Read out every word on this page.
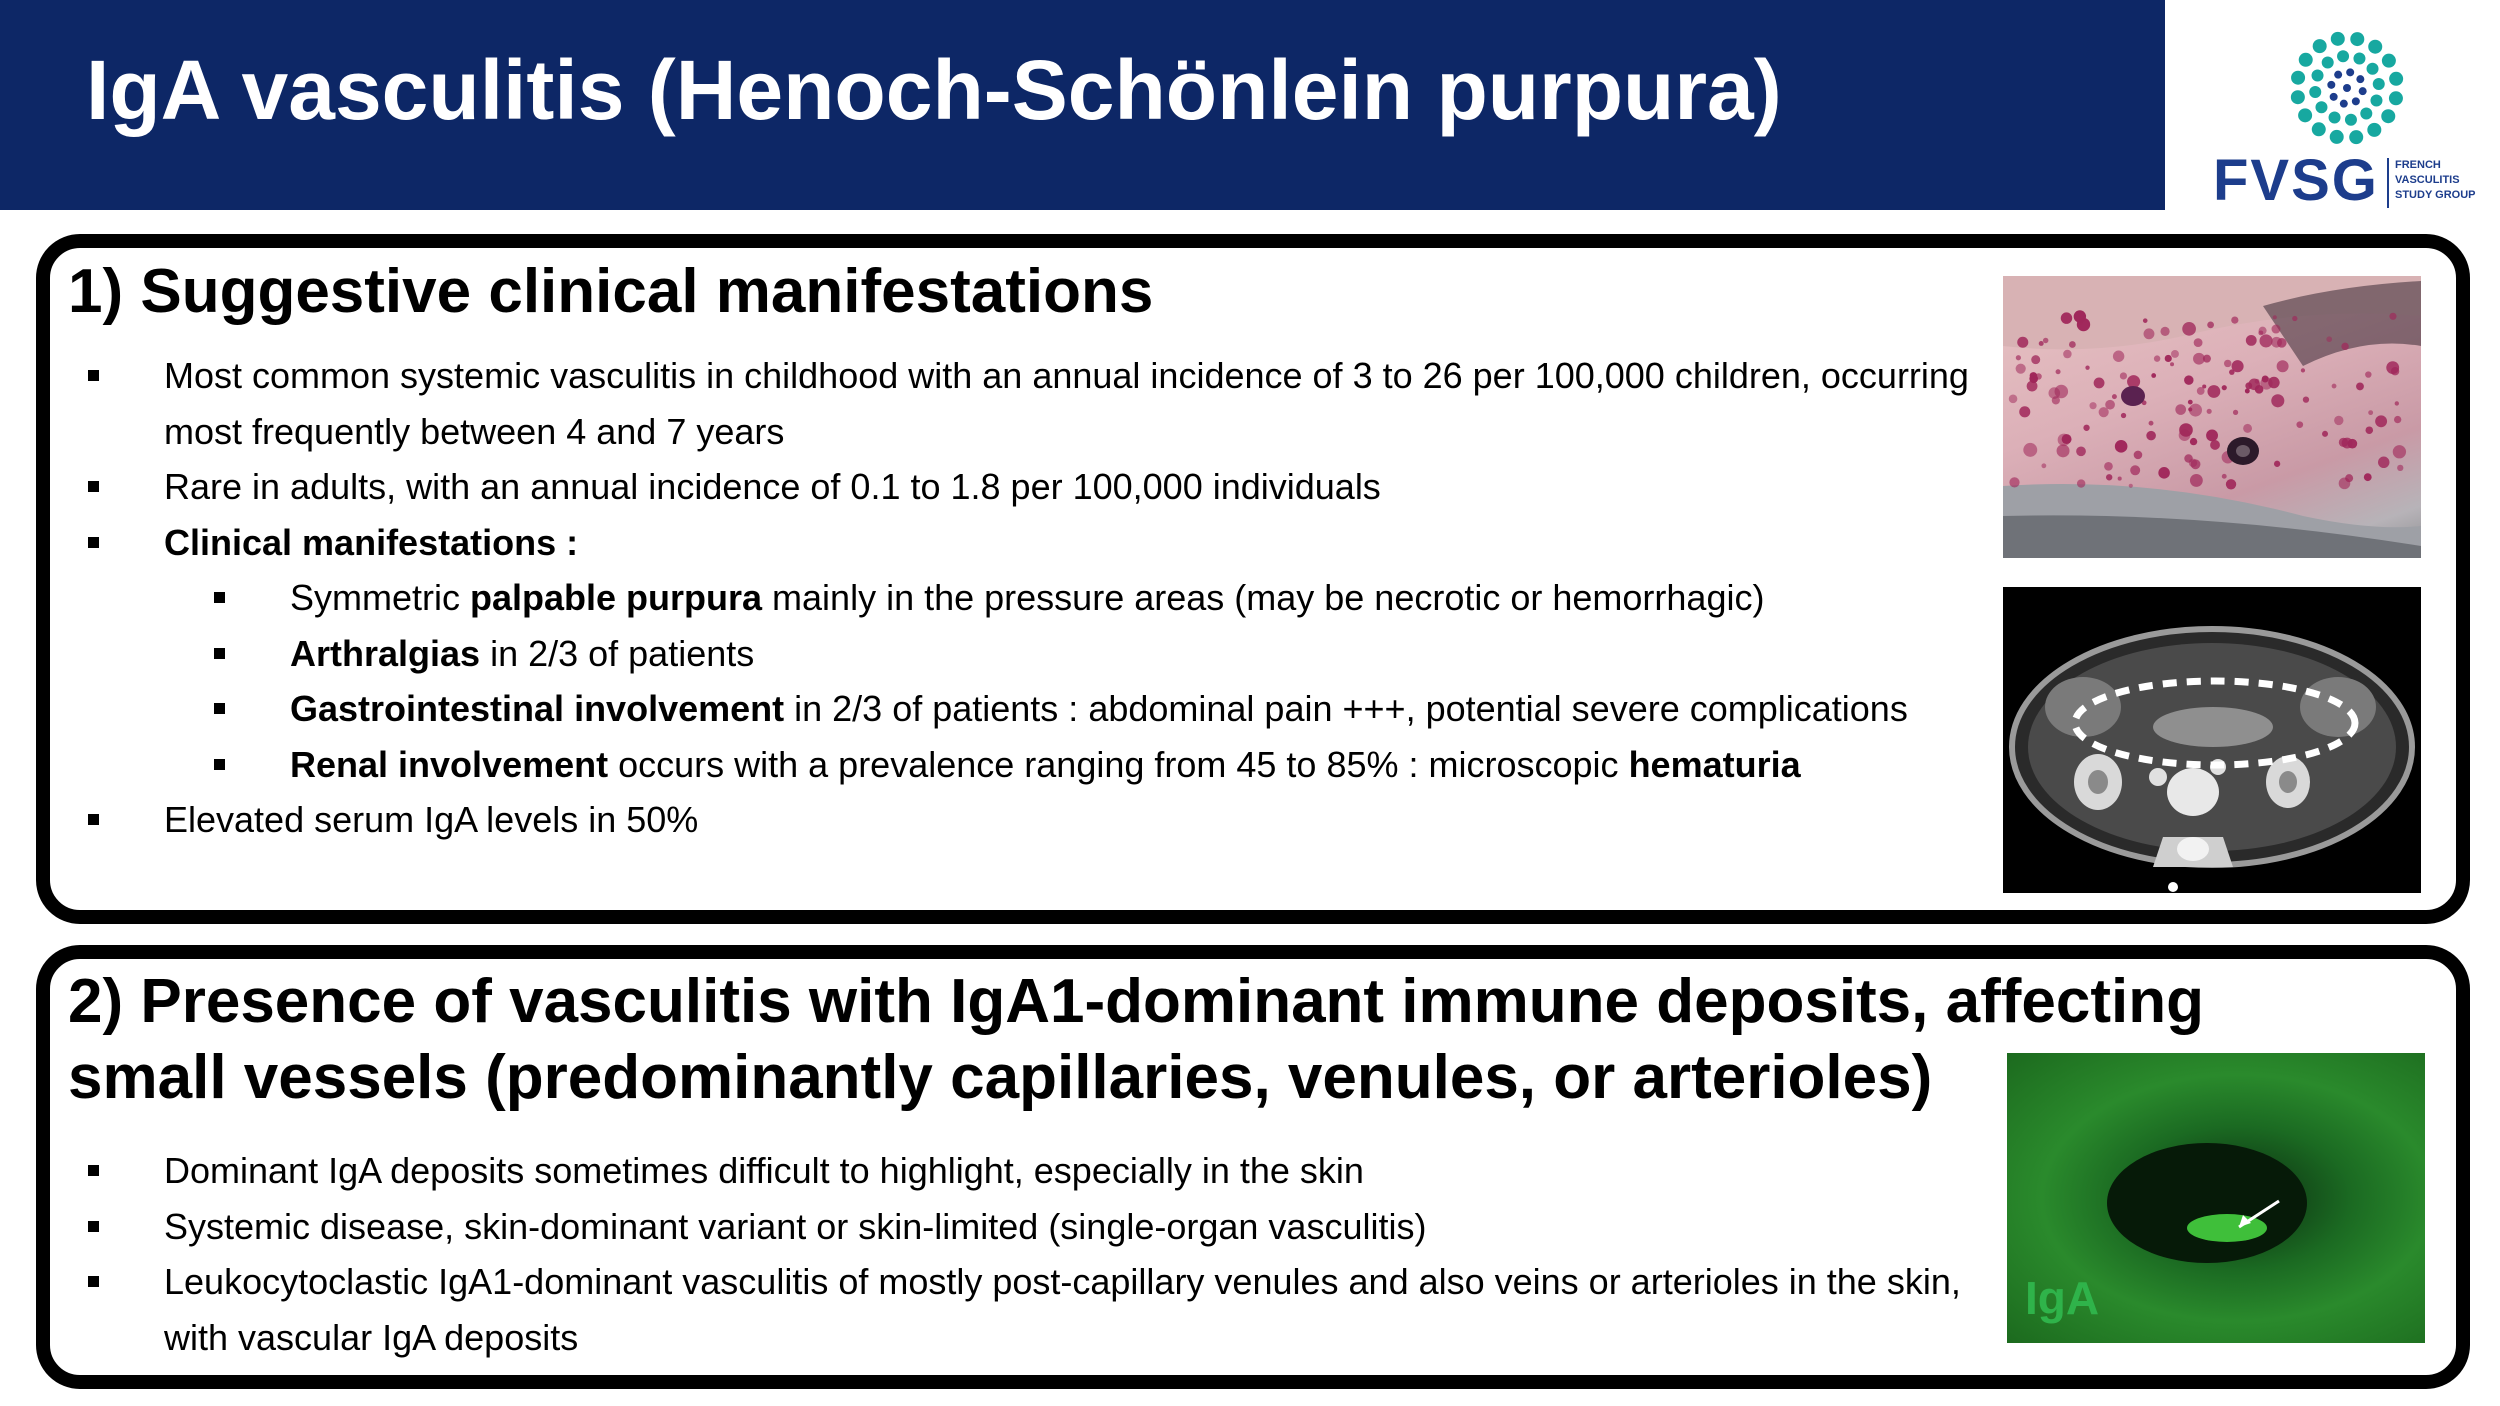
IgA vasculitis (Henoch-Schönlein purpura)
FVSG FRENCH
VASCULITIS
STUDY GROUP
1) Suggestive clinical manifestations
Most common systemic vasculitis in childhood with an annual incidence of 3 to 26 per 100,000 children, occurring most frequently between 4 and 7 years
Rare in adults, with an annual incidence of 0.1 to 1.8 per 100,000 individuals
Clinical manifestations :
Symmetric palpable purpura mainly in the pressure areas (may be necrotic or hemorrhagic)
Arthralgias in 2/3 of patients
Gastrointestinal involvement in 2/3 of patients : abdominal pain +++, potential severe complications
Renal involvement occurs with a prevalence ranging from 45 to 85% : microscopic hematuria
Elevated serum IgA levels in 50%
2) Presence of vasculitis with IgA1-dominant immune deposits, affecting small vessels (predominantly capillaries, venules, or arterioles)
Dominant IgA deposits sometimes difficult to highlight, especially in the skin
Systemic disease, skin-dominant variant or skin-limited (single-organ vasculitis)
Leukocytoclastic IgA1-dominant vasculitis of mostly post-capillary venules and also veins or arterioles in the skin, with vascular IgA deposits
IgA
